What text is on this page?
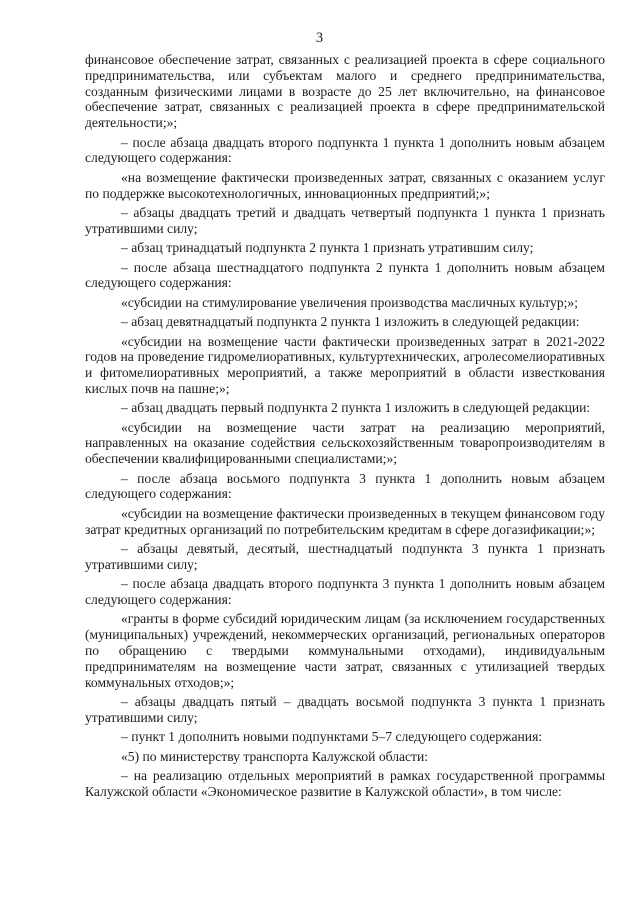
3

финансовое обеспечение затрат, связанных с реализацией проекта в сфере социального предпринимательства, или субъектам малого и среднего предпринимательства, созданным физическими лицами в возрасте до 25 лет включительно, на финансовое обеспечение затрат, связанных с реализацией проекта в сфере предпринимательской деятельности;»;

– после абзаца двадцать второго подпункта 1 пункта 1 дополнить новым абзацем следующего содержания:

«на возмещение фактически произведенных затрат, связанных с оказанием услуг по поддержке высокотехнологичных, инновационных предприятий;»;

– абзацы двадцать третий и двадцать четвертый подпункта 1 пункта 1 признать утратившими силу;

– абзац тринадцатый подпункта 2 пункта 1 признать утратившим силу;

– после абзаца шестнадцатого подпункта 2 пункта 1 дополнить новым абзацем следующего содержания:

«субсидии на стимулирование увеличения производства масличных культур;»;

– абзац девятнадцатый подпункта 2 пункта 1 изложить в следующей редакции:

«субсидии на возмещение части фактически произведенных затрат в 2021-2022 годов на проведение гидромелиоративных, культуртехнических, агролесомелиоративных и фитомелиоративных мероприятий, а также мероприятий в области известкования кислых почв на пашне;»;

– абзац двадцать первый подпункта 2 пункта 1 изложить в следующей редакции:

«субсидии на возмещение части затрат на реализацию мероприятий, направленных на оказание содействия сельскохозяйственным товаропроизводителям в обеспечении квалифицированными специалистами;»;

– после абзаца восьмого подпункта 3 пункта 1 дополнить новым абзацем следующего содержания:

«субсидии на возмещение фактически произведенных в текущем финансовом году затрат кредитных организаций по потребительским кредитам в сфере догазификации;»;

– абзацы девятый, десятый, шестнадцатый подпункта 3 пункта 1 признать утратившими силу;

– после абзаца двадцать второго подпункта 3 пункта 1 дополнить новым абзацем следующего содержания:

«гранты в форме субсидий юридическим лицам (за исключением государственных (муниципальных) учреждений, некоммерческих организаций, региональных операторов по обращению с твердыми коммунальными отходами), индивидуальным предпринимателям на возмещение части затрат, связанных с утилизацией твердых коммунальных отходов;»;

– абзацы двадцать пятый – двадцать восьмой подпункта 3 пункта 1 признать утратившими силу;

– пункт 1 дополнить новыми подпунктами 5–7 следующего содержания:

«5) по министерству транспорта Калужской области:

– на реализацию отдельных мероприятий в рамках государственной программы Калужской области «Экономическое развитие в Калужской области», в том числе:
